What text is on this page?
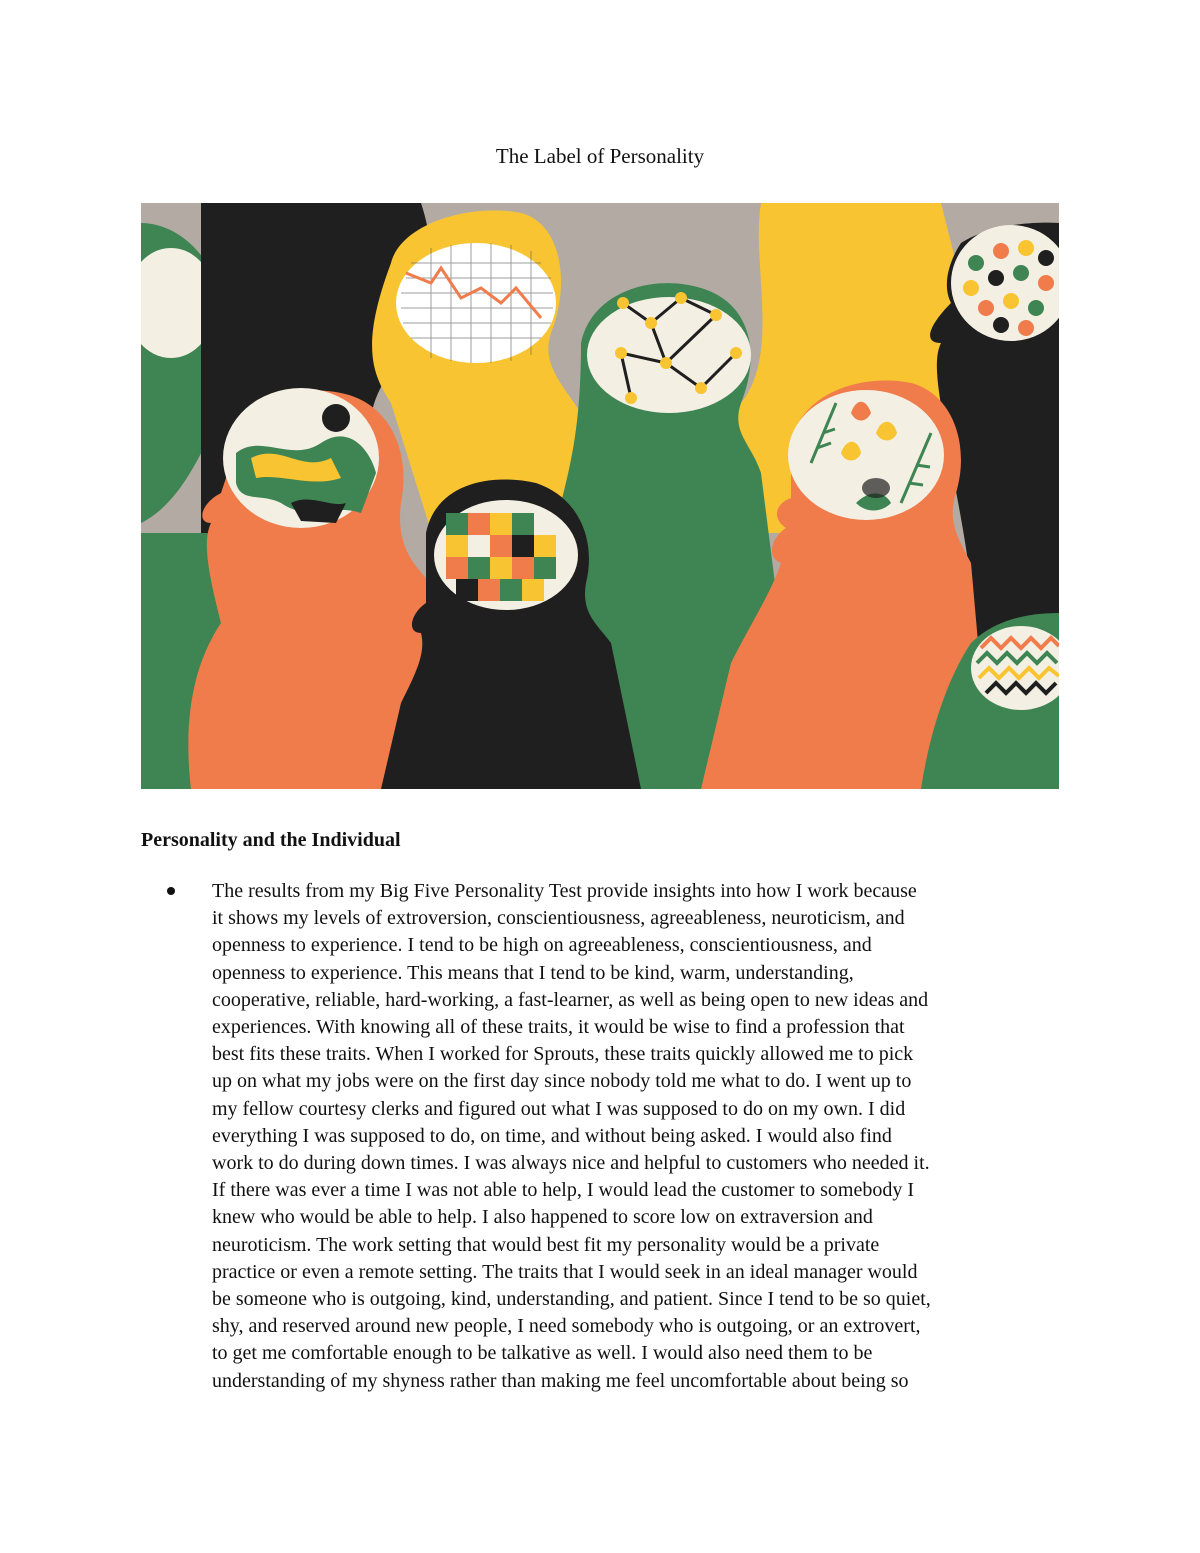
The Label of Personality
Personality and the Individual
The results from my Big Five Personality Test provide insights into how I work because
it shows my levels of extroversion, conscientiousness, agreeableness, neuroticism, and
openness to experience. I tend to be high on agreeableness, conscientiousness, and
openness to experience. This means that I tend to be kind, warm, understanding,
cooperative, reliable, hard-working, a fast-learner, as well as being open to new ideas and
experiences. With knowing all of these traits, it would be wise to find a profession that
best fits these traits. When I worked for Sprouts, these traits quickly allowed me to pick
up on what my jobs were on the first day since nobody told me what to do. I went up to
my fellow courtesy clerks and figured out what I was supposed to do on my own. I did
everything I was supposed to do, on time, and without being asked. I would also find
work to do during down times. I was always nice and helpful to customers who needed it.
If there was ever a time I was not able to help, I would lead the customer to somebody I
knew who would be able to help. I also happened to score low on extraversion and
neuroticism. The work setting that would best fit my personality would be a private
practice or even a remote setting. The traits that I would seek in an ideal manager would
be someone who is outgoing, kind, understanding, and patient. Since I tend to be so quiet,
shy, and reserved around new people, I need somebody who is outgoing, or an extrovert,
to get me comfortable enough to be talkative as well. I would also need them to be
understanding of my shyness rather than making me feel uncomfortable about being so
